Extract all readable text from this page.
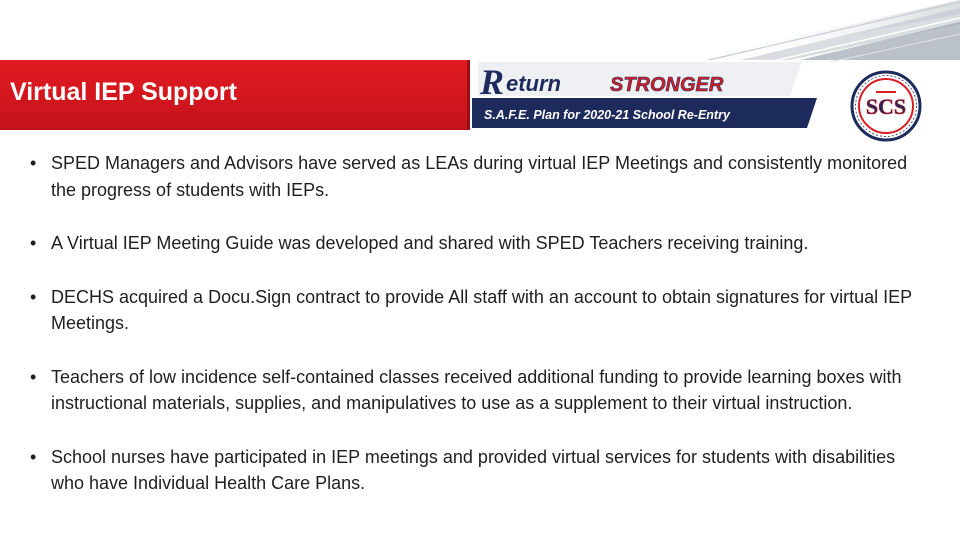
Virtual IEP Support	R eturn STRONGER
S.A.F.E. Plan for 2020-21 School Re-Entry	SCS
• SPED Managers and Advisors have served as LEAs during virtual IEP Meetings and consistently monitored the progress of students with IEPs.
• A Virtual IEP Meeting Guide was developed and shared with SPED Teachers receiving training.
• DECHS acquired a Docu.Sign contract to provide All staff with an account to obtain signatures for virtual IEP Meetings.
• Teachers of low incidence self-contained classes received additional funding to provide learning boxes with instructional materials, supplies, and manipulatives to use as a supplement to their virtual instruction.
• School nurses have participated in IEP meetings and provided virtual services for students with disabilities who have Individual Health Care Plans.
